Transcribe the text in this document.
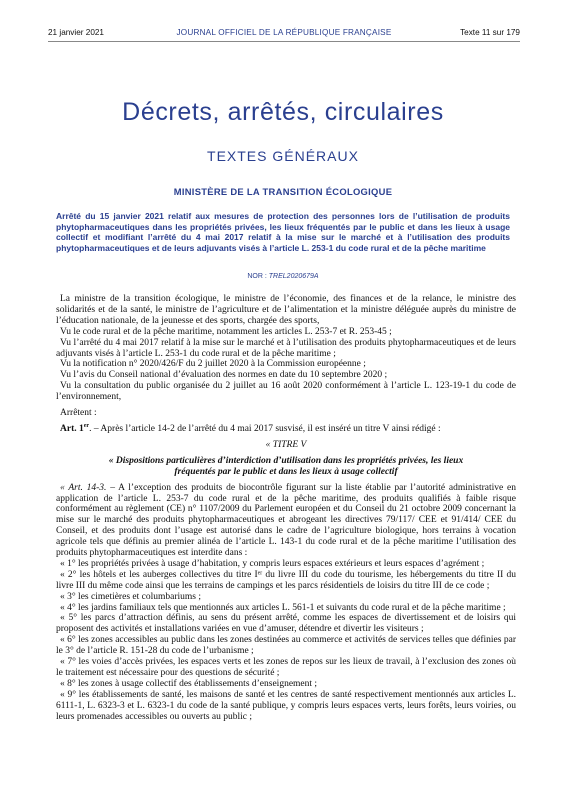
21 janvier 2021	JOURNAL OFFICIEL DE LA RÉPUBLIQUE FRANÇAISE	Texte 11 sur 179
Décrets, arrêtés, circulaires
TEXTES GÉNÉRAUX
MINISTÈRE DE LA TRANSITION ÉCOLOGIQUE
Arrêté du 15 janvier 2021 relatif aux mesures de protection des personnes lors de l’utilisation de produits phytopharmaceutiques dans les propriétés privées, les lieux fréquentés par le public et dans les lieux à usage collectif et modifiant l’arrêté du 4 mai 2017 relatif à la mise sur le marché et à l’utilisation des produits phytopharmaceutiques et de leurs adjuvants visés à l’article L. 253-1 du code rural et de la pêche maritime
NOR : TREL2020679A

La ministre de la transition écologique, le ministre de l’économie, des finances et de la relance, le ministre des solidarités et de la santé, le ministre de l’agriculture et de l’alimentation et la ministre déléguée auprès du ministre de l’éducation nationale, de la jeunesse et des sports, chargée des sports,

Vu le code rural et de la pêche maritime, notamment les articles L. 253-7 et R. 253-45 ;

Vu l’arrêté du 4 mai 2017 relatif à la mise sur le marché et à l’utilisation des produits phytopharmaceutiques et de leurs adjuvants visés à l’article L. 253-1 du code rural et de la pêche maritime ;

Vu la notification n° 2020/426/F du 2 juillet 2020 à la Commission européenne ;

Vu l’avis du Conseil national d’évaluation des normes en date du 10 septembre 2020 ;

Vu la consultation du public organisée du 2 juillet au 16 août 2020 conformément à l’article L. 123-19-1 du code de l’environnement,

Arrêtent :

Art. 1er. – Après l’article 14-2 de l’arrêté du 4 mai 2017 susvisé, il est inséré un titre V ainsi rédigé :

« TITRE V

« Dispositions particulières d’interdiction d’utilisation dans les propriétés privées, les lieux fréquentés par le public et dans les lieux à usage collectif

« Art. 14-3. – A l’exception des produits de biocontrôle figurant sur la liste établie par l’autorité administrative en application de l’article L. 253-7 du code rural et de la pêche maritime, des produits qualifiés à faible risque conformément au règlement (CE) n° 1107/2009 du Parlement européen et du Conseil du 21 octobre 2009 concernant la mise sur le marché des produits phytopharmaceutiques et abrogeant les directives 79/117/ CEE et 91/414/ CEE du Conseil, et des produits dont l’usage est autorisé dans le cadre de l’agriculture biologique, hors terrains à vocation agricole tels que définis au premier alinéa de l’article L. 143-1 du code rural et de la pêche maritime l’utilisation des produits phytopharmaceutiques est interdite dans :

« 1° les propriétés privées à usage d’habitation, y compris leurs espaces extérieurs et leurs espaces d’agrément ;

« 2° les hôtels et les auberges collectives du titre Iᵉʳ du livre III du code du tourisme, les hébergements du titre II du livre III du même code ainsi que les terrains de campings et les parcs résidentiels de loisirs du titre III de ce code ;

« 3° les cimetières et columbariums ;

« 4° les jardins familiaux tels que mentionnés aux articles L. 561-1 et suivants du code rural et de la pêche maritime ;

« 5° les parcs d’attraction définis, au sens du présent arrêté, comme les espaces de divertissement et de loisirs qui proposent des activités et installations variées en vue d’amuser, détendre et divertir les visiteurs ;

« 6° les zones accessibles au public dans les zones destinées au commerce et activités de services telles que définies par le 3° de l’article R. 151-28 du code de l’urbanisme ;

« 7° les voies d’accès privées, les espaces verts et les zones de repos sur les lieux de travail, à l’exclusion des zones où le traitement est nécessaire pour des questions de sécurité ;

« 8° les zones à usage collectif des établissements d’enseignement ;

« 9° les établissements de santé, les maisons de santé et les centres de santé respectivement mentionnés aux articles L. 6111-1, L. 6323-3 et L. 6323-1 du code de la santé publique, y compris leurs espaces verts, leurs forêts, leurs voiries, ou leurs promenades accessibles ou ouverts au public ;
